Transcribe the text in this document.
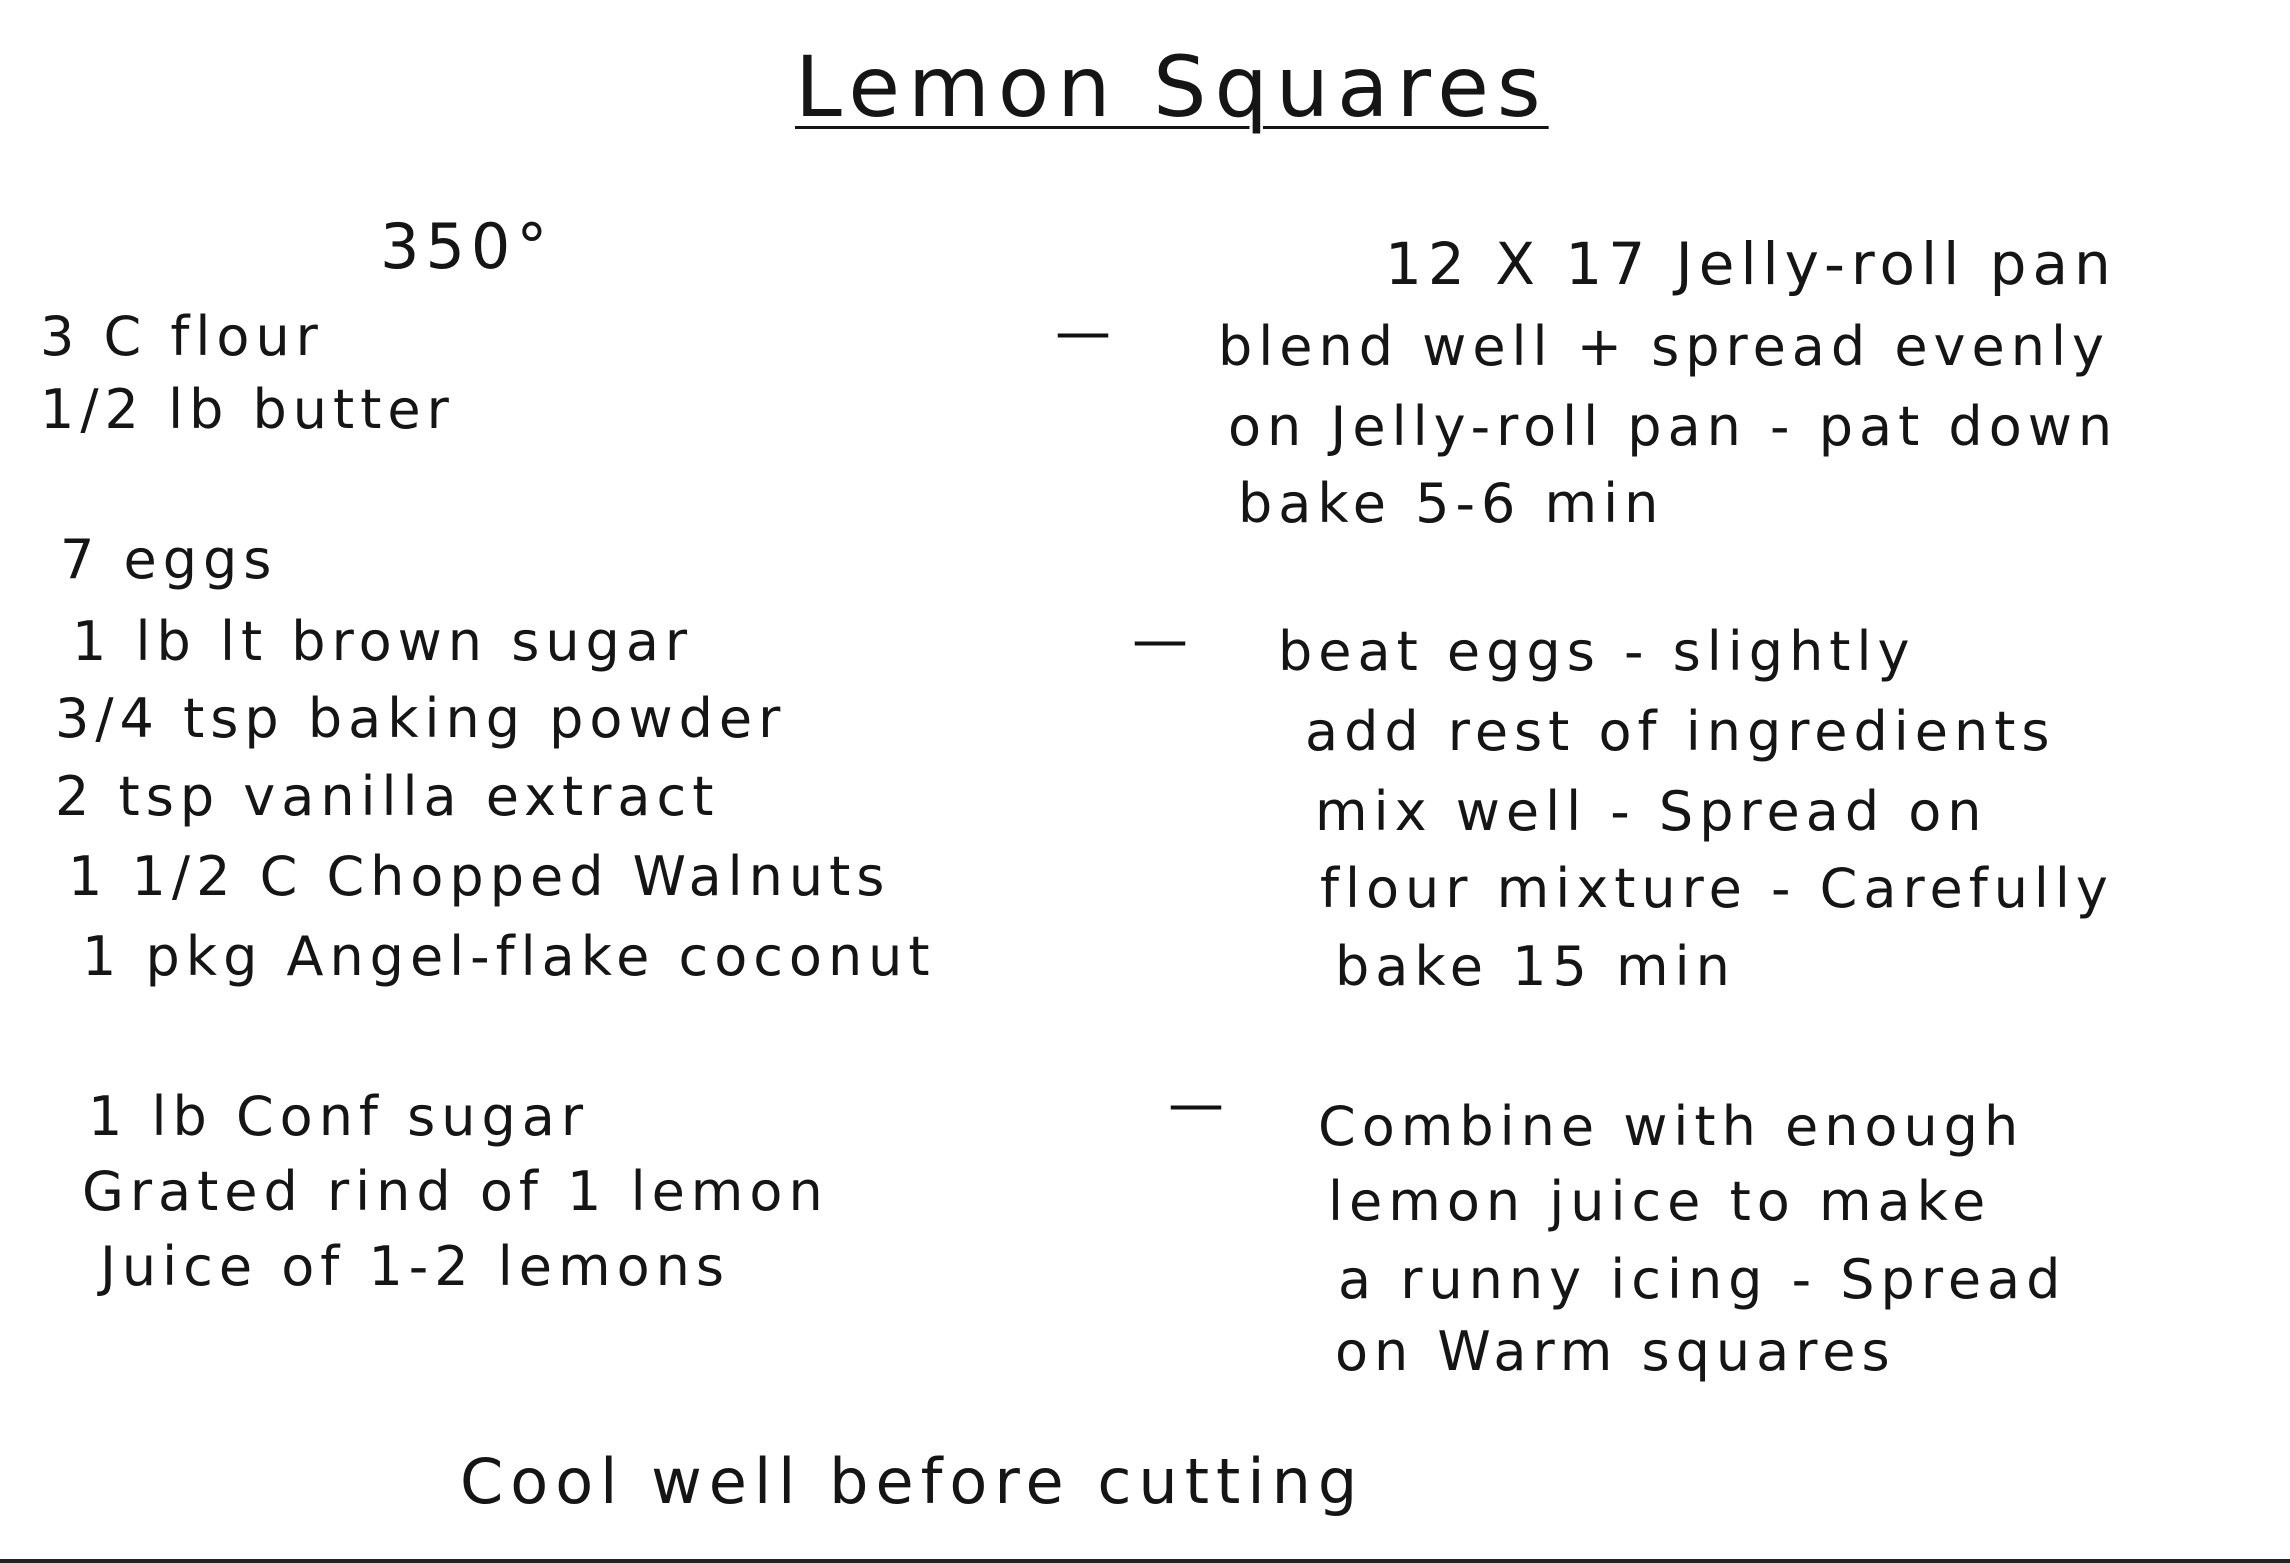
Lemon Squares
350°	12 X 17 Jelly-roll pan
3 C flour
1/2 lb butter
— blend well + spread evenly
on Jelly-roll pan - pat down
bake 5-6 min
7 eggs
1 lb lt brown sugar
3/4 tsp baking powder
2 tsp vanilla extract
1 1/2 C Chopped Walnuts
1 pkg Angel-flake coconut
— beat eggs - slightly
add rest of ingredients
mix well - Spread on
flour mixture - Carefully
bake 15 min
1 lb Conf sugar
Grated rind of 1 lemon
Juice of 1-2 lemons
— Combine with enough
lemon juice to make
a runny icing - Spread
on Warm squares
Cool well before cutting
